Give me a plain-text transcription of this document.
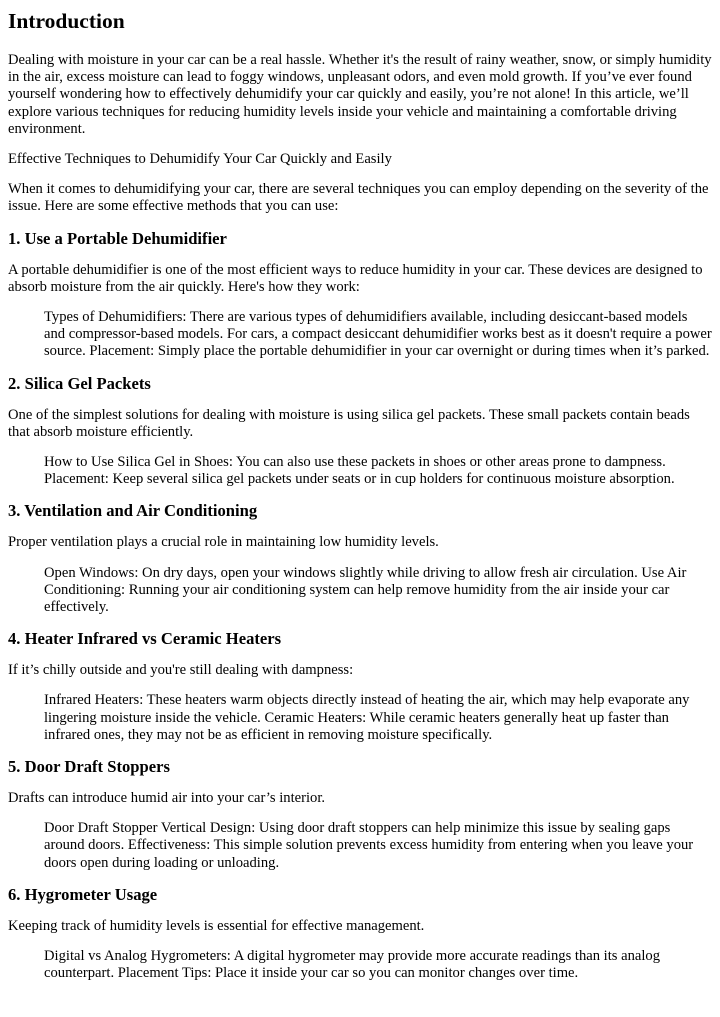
Introduction

Dealing with moisture in your car can be a real hassle. Whether it's the result of rainy weather, snow, or simply humidity in the air, excess moisture can lead to foggy windows, unpleasant odors, and even mold growth. If you’ve ever found yourself wondering how to effectively dehumidify your car quickly and easily, you’re not alone! In this article, we’ll explore various techniques for reducing humidity levels inside your vehicle and maintaining a comfortable driving environment.

Effective Techniques to Dehumidify Your Car Quickly and Easily

When it comes to dehumidifying your car, there are several techniques you can employ depending on the severity of the issue. Here are some effective methods that you can use:

1. Use a Portable Dehumidifier

A portable dehumidifier is one of the most efficient ways to reduce humidity in your car. These devices are designed to absorb moisture from the air quickly. Here's how they work:

Types of Dehumidifiers: There are various types of dehumidifiers available, including desiccant-based models and compressor-based models. For cars, a compact desiccant dehumidifier works best as it doesn't require a power source. Placement: Simply place the portable dehumidifier in your car overnight or during times when it’s parked.
2. Silica Gel Packets

One of the simplest solutions for dealing with moisture is using silica gel packets. These small packets contain beads that absorb moisture efficiently.

How to Use Silica Gel in Shoes: You can also use these packets in shoes or other areas prone to dampness. Placement: Keep several silica gel packets under seats or in cup holders for continuous moisture absorption.
3. Ventilation and Air Conditioning

Proper ventilation plays a crucial role in maintaining low humidity levels.

Open Windows: On dry days, open your windows slightly while driving to allow fresh air circulation. Use Air Conditioning: Running your air conditioning system can help remove humidity from the air inside your car effectively.
4. Heater Infrared vs Ceramic Heaters

If it’s chilly outside and you're still dealing with dampness:

Infrared Heaters: These heaters warm objects directly instead of heating the air, which may help evaporate any lingering moisture inside the vehicle. Ceramic Heaters: While ceramic heaters generally heat up faster than infrared ones, they may not be as efficient in removing moisture specifically.
5. Door Draft Stoppers

Drafts can introduce humid air into your car’s interior.

Door Draft Stopper Vertical Design: Using door draft stoppers can help minimize this issue by sealing gaps around doors. Effectiveness: This simple solution prevents excess humidity from entering when you leave your doors open during loading or unloading.
6. Hygrometer Usage

Keeping track of humidity levels is essential for effective management.

Digital vs Analog Hygrometers: A digital hygrometer may provide more accurate readings than its analog counterpart. Placement Tips: Place it inside your car so you can monitor changes over time.
